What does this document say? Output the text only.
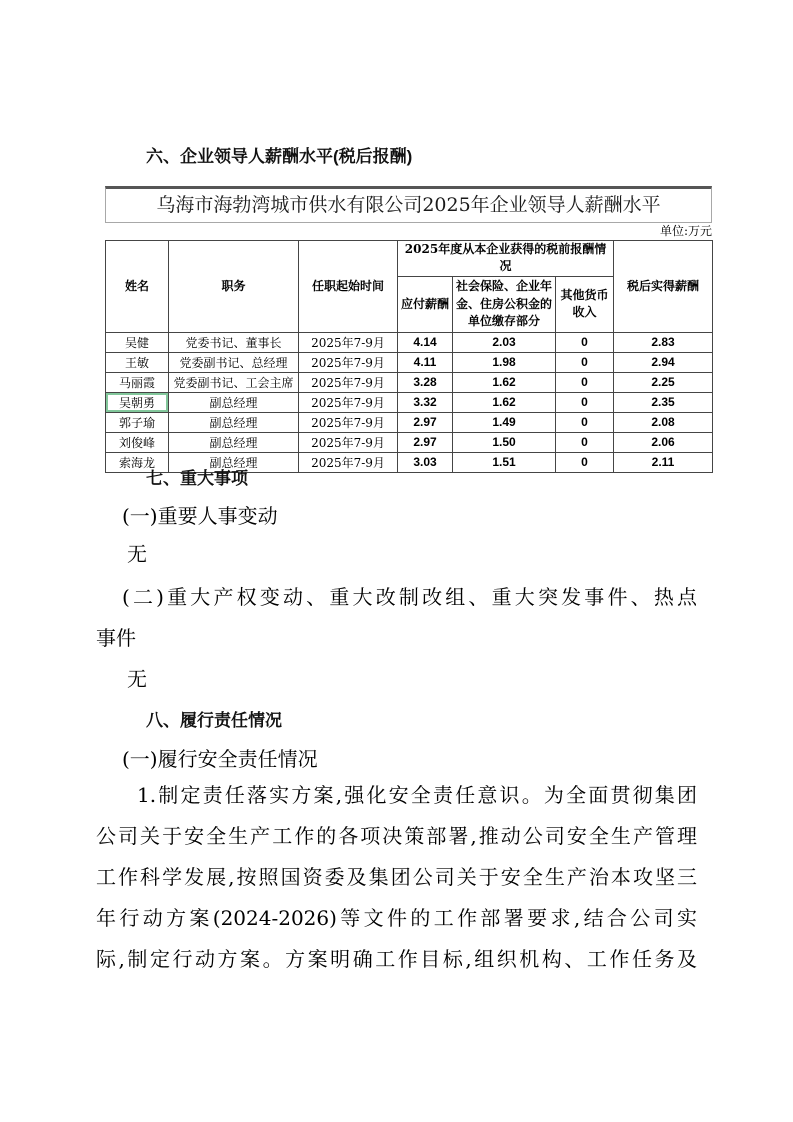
六、企业领导人薪酬水平(税后报酬)
乌海市海勃湾城市供水有限公司2025年企业领导人薪酬水平
单位:万元
姓名	职务	任职起始时间	2025年度从本企业获得的税前报酬情况			税后实得薪酬
			应付薪酬	社会保险、企业年金、住房公积金的单位缴存部分	其他货币收入	
吴健	党委书记、董事长	2025年7-9月	4.14	2.03	0	2.83
王敏	党委副书记、总经理	2025年7-9月	4.11	1.98	0	2.94
马丽霞	党委副书记、工会主席	2025年7-9月	3.28	1.62	0	2.25
吴朝勇	副总经理	2025年7-9月	3.32	1.62	0	2.35
郭子瑜	副总经理	2025年7-9月	2.97	1.49	0	2.08
刘俊峰	副总经理	2025年7-9月	2.97	1.50	0	2.06
索海龙	副总经理	2025年7-9月	3.03	1.51	0	2.11
七、重大事项
(一)重要人事变动
无
(二)重大产权变动、重大改制改组、重大突发事件、热点
事件
无
八、履行责任情况
(一)履行安全责任情况
1.制定责任落实方案,强化安全责任意识。为全面贯彻集团
公司关于安全生产工作的各项决策部署,推动公司安全生产管理
工作科学发展,按照国资委及集团公司关于安全生产治本攻坚三
年行动方案(2024-2026)等文件的工作部署要求,结合公司实
际,制定行动方案。方案明确工作目标,组织机构、工作任务及
